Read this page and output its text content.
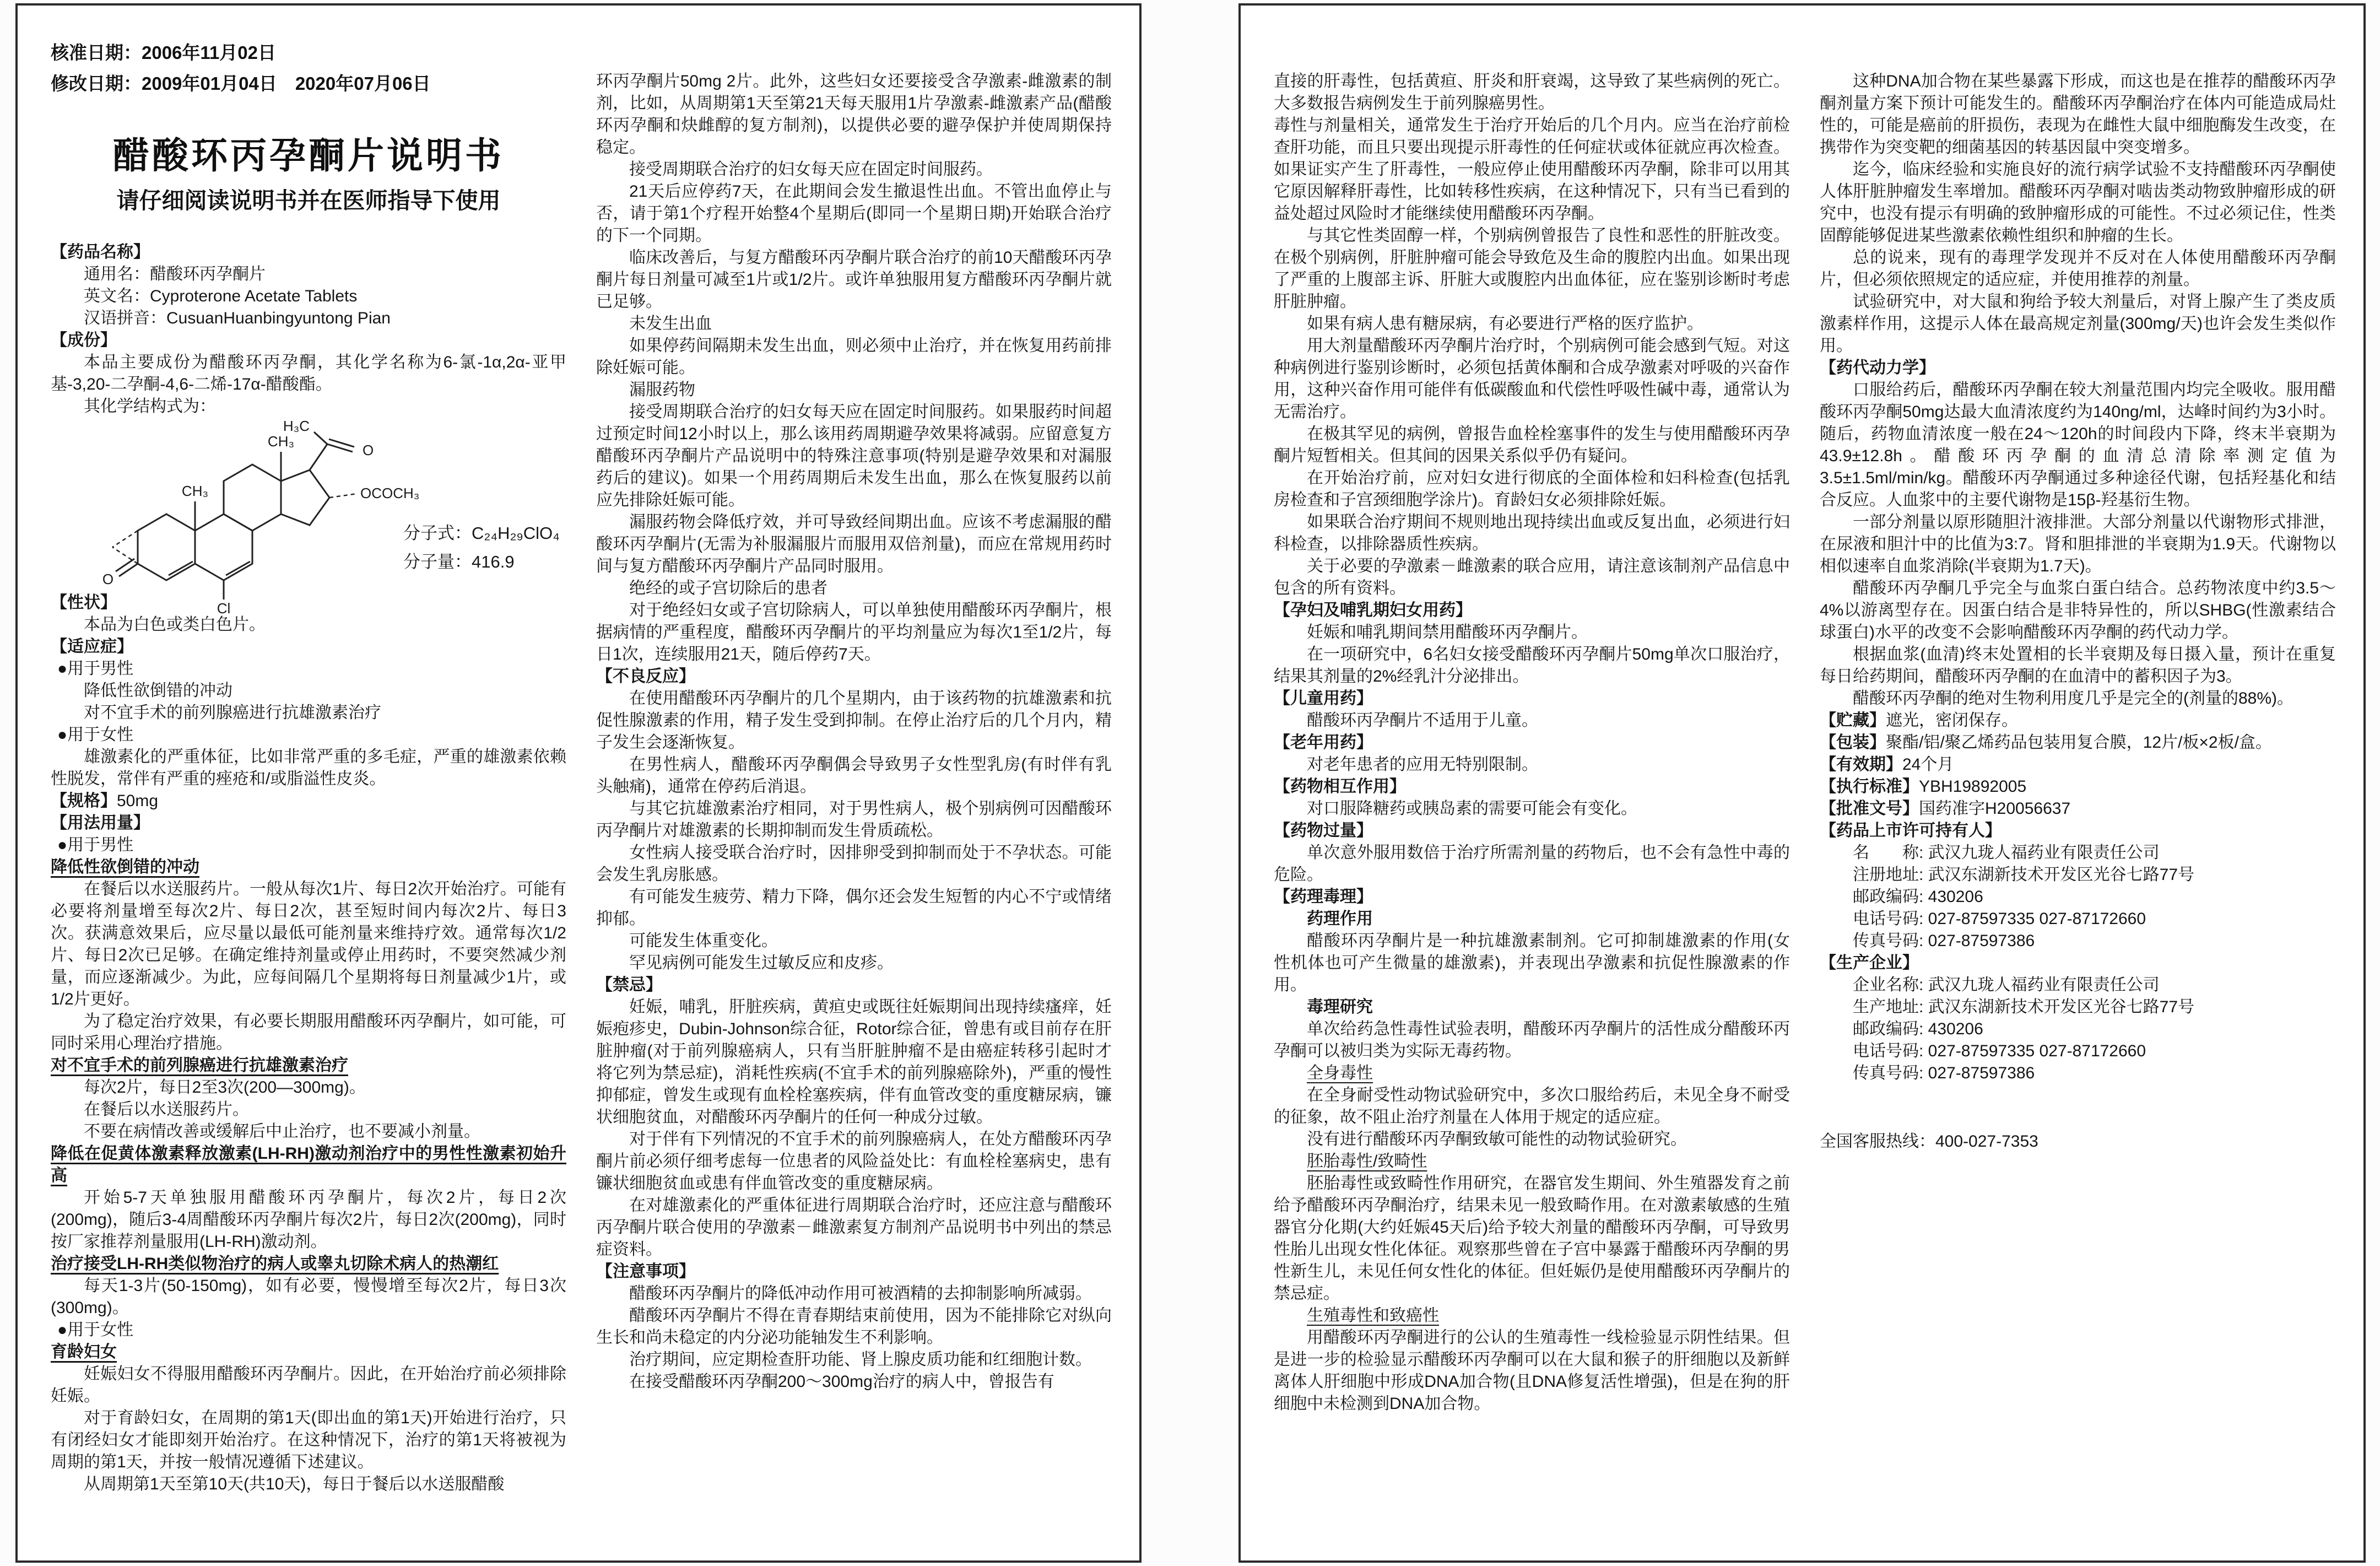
核准日期：2006年11月02日
修改日期：2009年01月04日　2020年07月06日
醋酸环丙孕酮片说明书
请仔细阅读说明书并在医师指导下使用
【药品名称】
通用名：醋酸环丙孕酮片
英文名：Cyproterone Acetate Tablets
汉语拼音：CusuanHuanbingyuntong Pian
【成份】
本品主要成份为醋酸环丙孕酮，其化学名称为6-氯-1α,2α-亚甲基-3,20-二孕酮-4,6-二烯-17α-醋酸酯。
其化学结构式为：
O
Cl
CH₃
CH₃
OCOCH₃
O
H₃C
分子式：C₂₄H₂₉ClO₄
分子量：416.9
【性状】
本品为白色或类白色片。
【适应症】
●用于男性
降低性欲倒错的冲动
对不宜手术的前列腺癌进行抗雄激素治疗
●用于女性
雄激素化的严重体征，比如非常严重的多毛症，严重的雄激素依赖性脱发，常伴有严重的痤疮和/或脂溢性皮炎。
【规格】50mg
【用法用量】
●用于男性
降低性欲倒错的冲动
在餐后以水送服药片。一般从每次1片、每日2次开始治疗。可能有必要将剂量增至每次2片、每日2次，甚至短时间内每次2片、每日3次。获满意效果后，应尽量以最低可能剂量来维持疗效。通常每次1/2片、每日2次已足够。在确定维持剂量或停止用药时，不要突然减少剂量，而应逐渐减少。为此，应每间隔几个星期将每日剂量减少1片，或1/2片更好。
为了稳定治疗效果，有必要长期服用醋酸环丙孕酮片，如可能，可同时采用心理治疗措施。
对不宜手术的前列腺癌进行抗雄激素治疗
每次2片，每日2至3次(200—300mg)。
在餐后以水送服药片。
不要在病情改善或缓解后中止治疗，也不要减小剂量。
降低在促黄体激素释放激素(LH-RH)激动剂治疗中的男性性激素初始升高
开始5-7天单独服用醋酸环丙孕酮片，每次2片，每日2次(200mg)，随后3-4周醋酸环丙孕酮片每次2片，每日2次(200mg)，同时按厂家推荐剂量服用(LH-RH)激动剂。
治疗接受LH-RH类似物治疗的病人或睾丸切除术病人的热潮红
每天1-3片(50-150mg)，如有必要，慢慢增至每次2片，每日3次(300mg)。
●用于女性
育龄妇女
妊娠妇女不得服用醋酸环丙孕酮片。因此，在开始治疗前必须排除妊娠。
对于育龄妇女，在周期的第1天(即出血的第1天)开始进行治疗，只有闭经妇女才能即刻开始治疗。在这种情况下，治疗的第1天将被视为周期的第1天，并按一般情况遵循下述建议。
从周期第1天至第10天(共10天)，每日于餐后以水送服醋酸
环丙孕酮片50mg 2片。此外，这些妇女还要接受含孕激素-雌激素的制剂，比如，从周期第1天至第21天每天服用1片孕激素-雌激素产品(醋酸环丙孕酮和炔雌醇的复方制剂)，以提供必要的避孕保护并使周期保持稳定。
接受周期联合治疗的妇女每天应在固定时间服药。
21天后应停药7天，在此期间会发生撤退性出血。不管出血停止与否，请于第1个疗程开始整4个星期后(即同一个星期日期)开始联合治疗的下一个同期。
临床改善后，与复方醋酸环丙孕酮片联合治疗的前10天醋酸环丙孕酮片每日剂量可减至1片或1/2片。或许单独服用复方醋酸环丙孕酮片就已足够。
未发生出血
如果停药间隔期未发生出血，则必须中止治疗，并在恢复用药前排除妊娠可能。
漏服药物
接受周期联合治疗的妇女每天应在固定时间服药。如果服药时间超过预定时间12小时以上，那么该用药周期避孕效果将减弱。应留意复方醋酸环丙孕酮片产品说明中的特殊注意事项(特别是避孕效果和对漏服药后的建议)。如果一个用药周期后未发生出血，那么在恢复服药以前应先排除妊娠可能。
漏服药物会降低疗效，并可导致经间期出血。应该不考虑漏服的醋酸环丙孕酮片(无需为补服漏服片而服用双倍剂量)，而应在常规用药时间与复方醋酸环丙孕酮片产品同时服用。
绝经的或子宫切除后的患者
对于绝经妇女或子宫切除病人，可以单独使用醋酸环丙孕酮片，根据病情的严重程度，醋酸环丙孕酮片的平均剂量应为每次1至1/2片，每日1次，连续服用21天，随后停药7天。
【不良反应】
在使用醋酸环丙孕酮片的几个星期内，由于该药物的抗雄激素和抗促性腺激素的作用，精子发生受到抑制。在停止治疗后的几个月内，精子发生会逐渐恢复。
在男性病人，醋酸环丙孕酮偶会导致男子女性型乳房(有时伴有乳头触痛)，通常在停药后消退。
与其它抗雄激素治疗相同，对于男性病人，极个别病例可因醋酸环丙孕酮片对雄激素的长期抑制而发生骨质疏松。
女性病人接受联合治疗时，因排卵受到抑制而处于不孕状态。可能会发生乳房胀感。
有可能发生疲劳、精力下降，偶尔还会发生短暂的内心不宁或情绪抑郁。
可能发生体重变化。
罕见病例可能发生过敏反应和皮疹。
【禁忌】
妊娠，哺乳，肝脏疾病，黄疸史或既往妊娠期间出现持续瘙痒，妊娠疱疹史，Dubin-Johnson综合征，Rotor综合征，曾患有或目前存在肝脏肿瘤(对于前列腺癌病人，只有当肝脏肿瘤不是由癌症转移引起时才将它列为禁忌症)，消耗性疾病(不宜手术的前列腺癌除外)，严重的慢性抑郁症，曾发生或现有血栓栓塞疾病，伴有血管改变的重度糖尿病，镰状细胞贫血，对醋酸环丙孕酮片的任何一种成分过敏。
对于伴有下列情况的不宜手术的前列腺癌病人，在处方醋酸环丙孕酮片前必须仔细考虑每一位患者的风险益处比：有血栓栓塞病史，患有镰状细胞贫血或患有伴血管改变的重度糖尿病。
在对雄激素化的严重体征进行周期联合治疗时，还应注意与醋酸环丙孕酮片联合使用的孕激素－雌激素复方制剂产品说明书中列出的禁忌症资料。
【注意事项】
醋酸环丙孕酮片的降低冲动作用可被酒精的去抑制影响所减弱。
醋酸环丙孕酮片不得在青春期结束前使用，因为不能排除它对纵向生长和尚未稳定的内分泌功能轴发生不利影响。
治疗期间，应定期检查肝功能、肾上腺皮质功能和红细胞计数。
在接受醋酸环丙孕酮200～300mg治疗的病人中，曾报告有
直接的肝毒性，包括黄疸、肝炎和肝衰竭，这导致了某些病例的死亡。大多数报告病例发生于前列腺癌男性。
毒性与剂量相关，通常发生于治疗开始后的几个月内。应当在治疗前检查肝功能，而且只要出现提示肝毒性的任何症状或体征就应再次检查。如果证实产生了肝毒性，一般应停止使用醋酸环丙孕酮，除非可以用其它原因解释肝毒性，比如转移性疾病，在这种情况下，只有当已看到的益处超过风险时才能继续使用醋酸环丙孕酮。
与其它性类固醇一样，个别病例曾报告了良性和恶性的肝脏改变。在极个别病例，肝脏肿瘤可能会导致危及生命的腹腔内出血。如果出现了严重的上腹部主诉、肝脏大或腹腔内出血体征，应在鉴别诊断时考虑肝脏肿瘤。
如果有病人患有糖尿病，有必要进行严格的医疗监护。
用大剂量醋酸环丙孕酮片治疗时，个别病例可能会感到气短。对这种病例进行鉴别诊断时，必须包括黄体酮和合成孕激素对呼吸的兴奋作用，这种兴奋作用可能伴有低碳酸血和代偿性呼吸性碱中毒，通常认为无需治疗。
在极其罕见的病例，曾报告血栓栓塞事件的发生与使用醋酸环丙孕酮片短暂相关。但其间的因果关系似乎仍有疑问。
在开始治疗前，应对妇女进行彻底的全面体检和妇科检查(包括乳房检查和子宫颈细胞学涂片)。育龄妇女必须排除妊娠。
如果联合治疗期间不规则地出现持续出血或反复出血，必须进行妇科检查，以排除器质性疾病。
关于必要的孕激素－雌激素的联合应用，请注意该制剂产品信息中包含的所有资料。
【孕妇及哺乳期妇女用药】
妊娠和哺乳期间禁用醋酸环丙孕酮片。
在一项研究中，6名妇女接受醋酸环丙孕酮片50mg单次口服治疗，结果其剂量的2%经乳汁分泌排出。
【儿童用药】
醋酸环丙孕酮片不适用于儿童。
【老年用药】
对老年患者的应用无特别限制。
【药物相互作用】
对口服降糖药或胰岛素的需要可能会有变化。
【药物过量】
单次意外服用数倍于治疗所需剂量的药物后，也不会有急性中毒的危险。
【药理毒理】
药理作用
醋酸环丙孕酮片是一种抗雄激素制剂。它可抑制雄激素的作用(女性机体也可产生微量的雄激素)，并表现出孕激素和抗促性腺激素的作用。
毒理研究
单次给药急性毒性试验表明，醋酸环丙孕酮片的活性成分醋酸环丙孕酮可以被归类为实际无毒药物。
全身毒性
在全身耐受性动物试验研究中，多次口服给药后，未见全身不耐受的征象，故不阻止治疗剂量在人体用于规定的适应症。
没有进行醋酸环丙孕酮致敏可能性的动物试验研究。
胚胎毒性/致畸性
胚胎毒性或致畸性作用研究，在器官发生期间、外生殖器发育之前给予醋酸环丙孕酮治疗，结果未见一般致畸作用。在对激素敏感的生殖器官分化期(大约妊娠45天后)给予较大剂量的醋酸环丙孕酮，可导致男性胎儿出现女性化体征。观察那些曾在子宫中暴露于醋酸环丙孕酮的男性新生儿，未见任何女性化的体征。但妊娠仍是使用醋酸环丙孕酮片的禁忌症。
生殖毒性和致癌性
用醋酸环丙孕酮进行的公认的生殖毒性一线检验显示阴性结果。但是进一步的检验显示醋酸环丙孕酮可以在大鼠和猴子的肝细胞以及新鲜离体人肝细胞中形成DNA加合物(且DNA修复活性增强)，但是在狗的肝细胞中未检测到DNA加合物。
这种DNA加合物在某些暴露下形成，而这也是在推荐的醋酸环丙孕酮剂量方案下预计可能发生的。醋酸环丙孕酮治疗在体内可能造成局灶性的，可能是癌前的肝损伤，表现为在雌性大鼠中细胞酶发生改变，在携带作为突变靶的细菌基因的转基因鼠中突变增多。
迄今，临床经验和实施良好的流行病学试验不支持醋酸环丙孕酮使人体肝脏肿瘤发生率增加。醋酸环丙孕酮对啮齿类动物致肿瘤形成的研究中，也没有提示有明确的致肿瘤形成的可能性。不过必须记住，性类固醇能够促进某些激素依赖性组织和肿瘤的生长。
总的说来，现有的毒理学发现并不反对在人体使用醋酸环丙孕酮片，但必须依照规定的适应症，并使用推荐的剂量。
试验研究中，对大鼠和狗给予较大剂量后，对肾上腺产生了类皮质激素样作用，这提示人体在最高规定剂量(300mg/天)也许会发生类似作用。
【药代动力学】
口服给药后，醋酸环丙孕酮在较大剂量范围内均完全吸收。服用醋酸环丙孕酮50mg达最大血清浓度约为140ng/ml，达峰时间约为3小时。随后，药物血清浓度一般在24～120h的时间段内下降，终末半衰期为43.9±12.8h。醋酸环丙孕酮的血清总清除率测定值为3.5±1.5ml/min/kg。醋酸环丙孕酮通过多种途径代谢，包括羟基化和结合反应。人血浆中的主要代谢物是15β-羟基衍生物。
一部分剂量以原形随胆汁液排泄。大部分剂量以代谢物形式排泄，在尿液和胆汁中的比值为3:7。肾和胆排泄的半衰期为1.9天。代谢物以相似速率自血浆消除(半衰期为1.7天)。
醋酸环丙孕酮几乎完全与血浆白蛋白结合。总药物浓度中约3.5～4%以游离型存在。因蛋白结合是非特异性的，所以SHBG(性激素结合球蛋白)水平的改变不会影响醋酸环丙孕酮的药代动力学。
根据血浆(血清)终末处置相的长半衰期及每日摄入量，预计在重复每日给药期间，醋酸环丙孕酮的在血清中的蓄积因子为3。
醋酸环丙孕酮的绝对生物利用度几乎是完全的(剂量的88%)。
【贮藏】遮光，密闭保存。
【包装】聚酯/铝/聚乙烯药品包装用复合膜，12片/板×2板/盒。
【有效期】24个月
【执行标准】YBH19892005
【批准文号】国药准字H20056637
【药品上市许可持有人】
名　　称: 武汉九珑人福药业有限责任公司
注册地址: 武汉东湖新技术开发区光谷七路77号
邮政编码: 430206
电话号码: 027-87597335 027-87172660
传真号码: 027-87597386
【生产企业】
企业名称: 武汉九珑人福药业有限责任公司
生产地址: 武汉东湖新技术开发区光谷七路77号
邮政编码: 430206
电话号码: 027-87597335 027-87172660
传真号码: 027-87597386
全国客服热线：400-027-7353
